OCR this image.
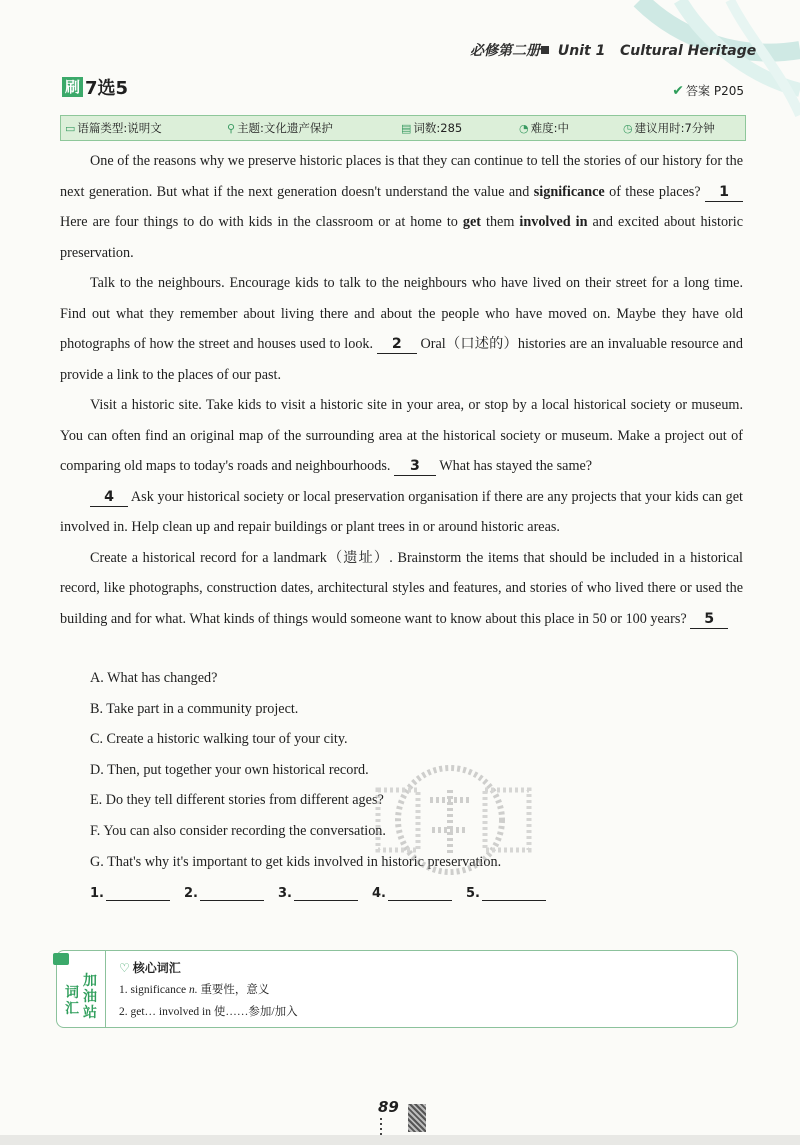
必修第二册 Unit 1 Cultural Heritage
刷 7选5	✔ 答案 P205
▭ 语篇类型:说明文	⚲ 主题:文化遗产保护	▤ 词数:285	◔ 难度:中	◷ 建议用时:7分钟

One of the reasons why we preserve historic places is that they can continue to tell the stories of our history for the next generation. But what if the next generation doesn't understand the value and significance of these places? 1 Here are four things to do with kids in the classroom or at home to get them involved in and excited about historic preservation.

Talk to the neighbours. Encourage kids to talk to the neighbours who have lived on their street for a long time. Find out what they remember about living there and about the people who have moved on. Maybe they have old photographs of how the street and houses used to look. 2 Oral（口述的）histories are an invaluable resource and provide a link to the places of our past.

Visit a historic site. Take kids to visit a historic site in your area, or stop by a local historical society or museum. You can often find an original map of the surrounding area at the historical society or museum. Make a project out of comparing old maps to today's roads and neighbourhoods. 3 What has stayed the same?

4 Ask your historical society or local preservation organisation if there are any projects that your kids can get involved in. Help clean up and repair buildings or plant trees in or around historic areas.

Create a historical record for a landmark（遗址）. Brainstorm the items that should be included in a historical record, like photographs, construction dates, architectural styles and features, and stories of who lived there or used the building and for what. What kinds of things would someone want to know about this place in 50 or 100 years? 5

A. What has changed?

B. Take part in a community project.

C. Create a historic walking tour of your city.

D. Then, put together your own historical record.

E. Do they tell different stories from different ages?

F. You can also consider recording the conversation.

G. That's why it's important to get kids involved in historic preservation.

1.	2.	3.	4.	5.
加油站
词汇
♡ 核心词汇
1. significance n. 重要性，意义
2. get… involved in 使……参加/加入
89
